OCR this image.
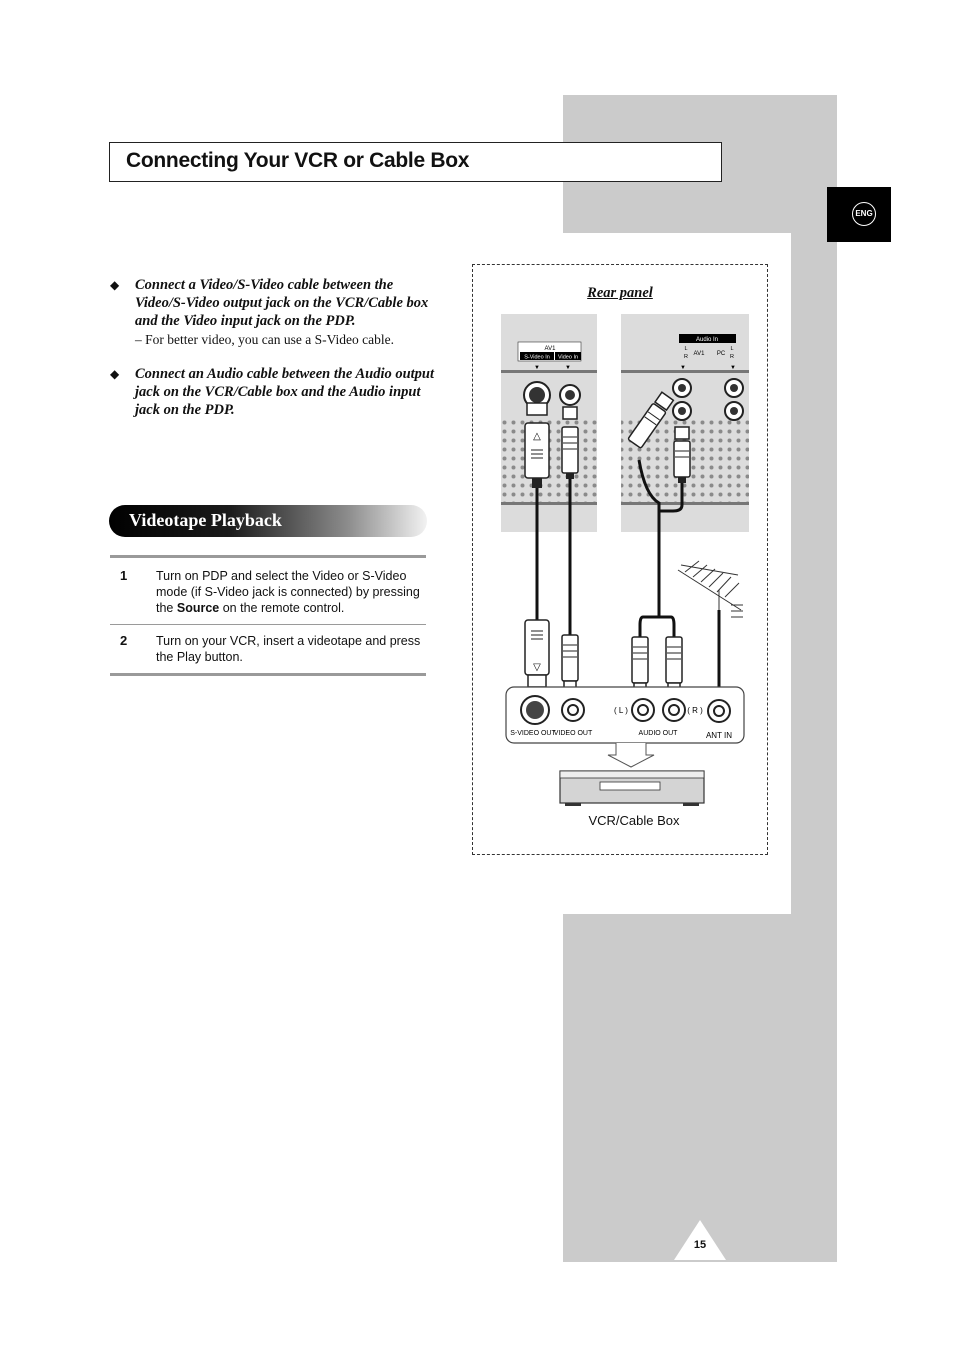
ENG
Connecting Your VCR or Cable Box
◆ Connect a Video/S-Video cable between the Video/S-Video output jack on the VCR/Cable box and the Video input jack on the PDP.
– For better video, you can use a S-Video cable.
◆ Connect an Audio cable between the Audio output jack on the VCR/Cable box and the Audio input jack on the PDP.
Videotape Playback
1 Turn on PDP and select the Video or S-Video mode (if S-Video jack is connected) by pressing the Source on the remote control.
2 Turn on your VCR, insert a videotape and press the Play button.
Rear panel
AV1
S-Video In Video In
▼	▼
△
Audio In
L
R AV1 PC
L
R
▼	▼
▽
S-VIDEO OUT
VIDEO OUT
( L )	( R )
AUDIO OUT	ANT IN
VCR/Cable Box
15
